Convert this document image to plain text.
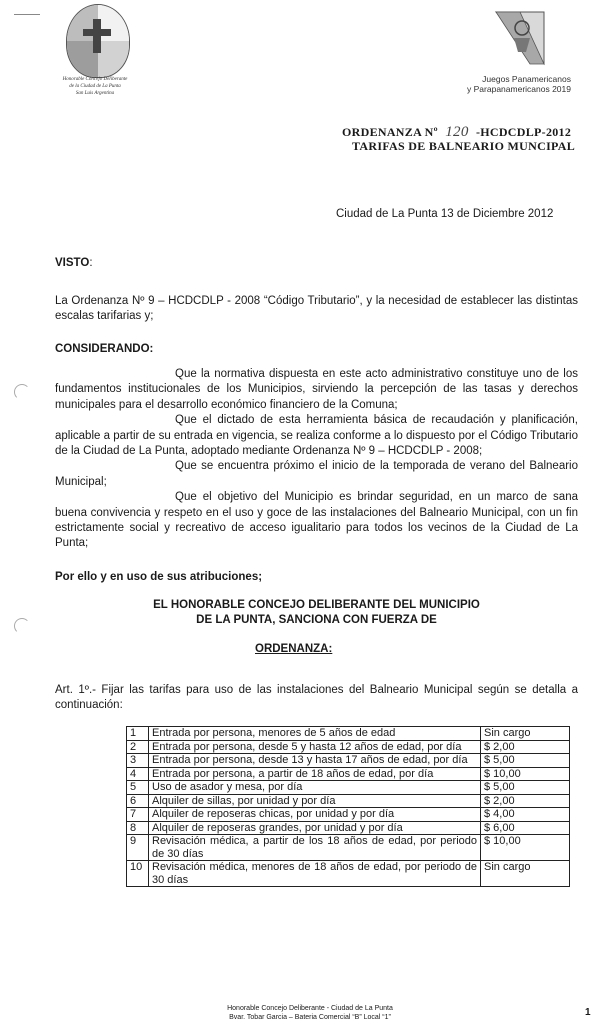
Honorable Concejo Deliberante
de la Ciudad de La Punta
San Luis Argentina
Juegos Panamericanos
y Parapanamericanos 2019
ORDENANZA Nº 120 -HCDCDLP-2012
TARIFAS DE BALNEARIO MUNCIPAL
Ciudad de La Punta 13 de Diciembre 2012
VISTO:
La Ordenanza Nº 9 – HCDCDLP - 2008 “Código Tributario”, y la necesidad de establecer las distintas escalas tarifarias y;
CONSIDERANDO:
Que la normativa dispuesta en este acto administrativo constituye uno de los fundamentos institucionales de los Municipios, sirviendo la percepción de las tasas y derechos municipales para el desarrollo económico financiero de la Comuna;
Que el dictado de esta herramienta básica de recaudación y planificación, aplicable a partir de su entrada en vigencia, se realiza conforme a lo dispuesto por el Código Tributario de la Ciudad de La Punta, adoptado mediante Ordenanza Nº 9 – HCDCDLP - 2008;
Que se encuentra próximo el inicio de la temporada de verano del Balneario Municipal;
Que el objetivo del Municipio es brindar seguridad, en un marco de sana buena convivencia y respeto en el uso y goce de las instalaciones del Balneario Municipal, con un fin estrictamente social y recreativo de acceso igualitario para todos los vecinos de la Ciudad de La Punta;
Por ello y en uso de sus atribuciones;
EL HONORABLE CONCEJO DELIBERANTE DEL MUNICIPIO
DE LA PUNTA, SANCIONA CON FUERZA DE
ORDENANZA:
Art. 1º.- Fijar las tarifas para uso de las instalaciones del Balneario Municipal según se detalla a continuación:
1	Entrada por persona, menores de 5 años de edad	Sin cargo
2	Entrada por persona, desde 5 y hasta 12 años de edad, por día	$ 2,00
3	Entrada por persona, desde 13 y hasta 17 años de edad, por día	$ 5,00
4	Entrada por persona, a partir de 18 años de edad, por día	$ 10,00
5	Uso de asador y mesa, por día	$ 5,00
6	Alquiler de sillas, por unidad y por día	$ 2,00
7	Alquiler de reposeras chicas, por unidad y por día	$ 4,00
8	Alquiler de reposeras grandes, por unidad y por día	$ 6,00
9	Revisación médica, a partir de los 18 años de edad, por periodo de 30 días	$ 10,00
10	Revisación médica, menores de 18 años de edad, por periodo de 30 días	Sin cargo
Honorable Concejo Deliberante - Ciudad de La Punta
Bvar. Tobar Garcia – Bateria Comercial “B” Local “1”	1
